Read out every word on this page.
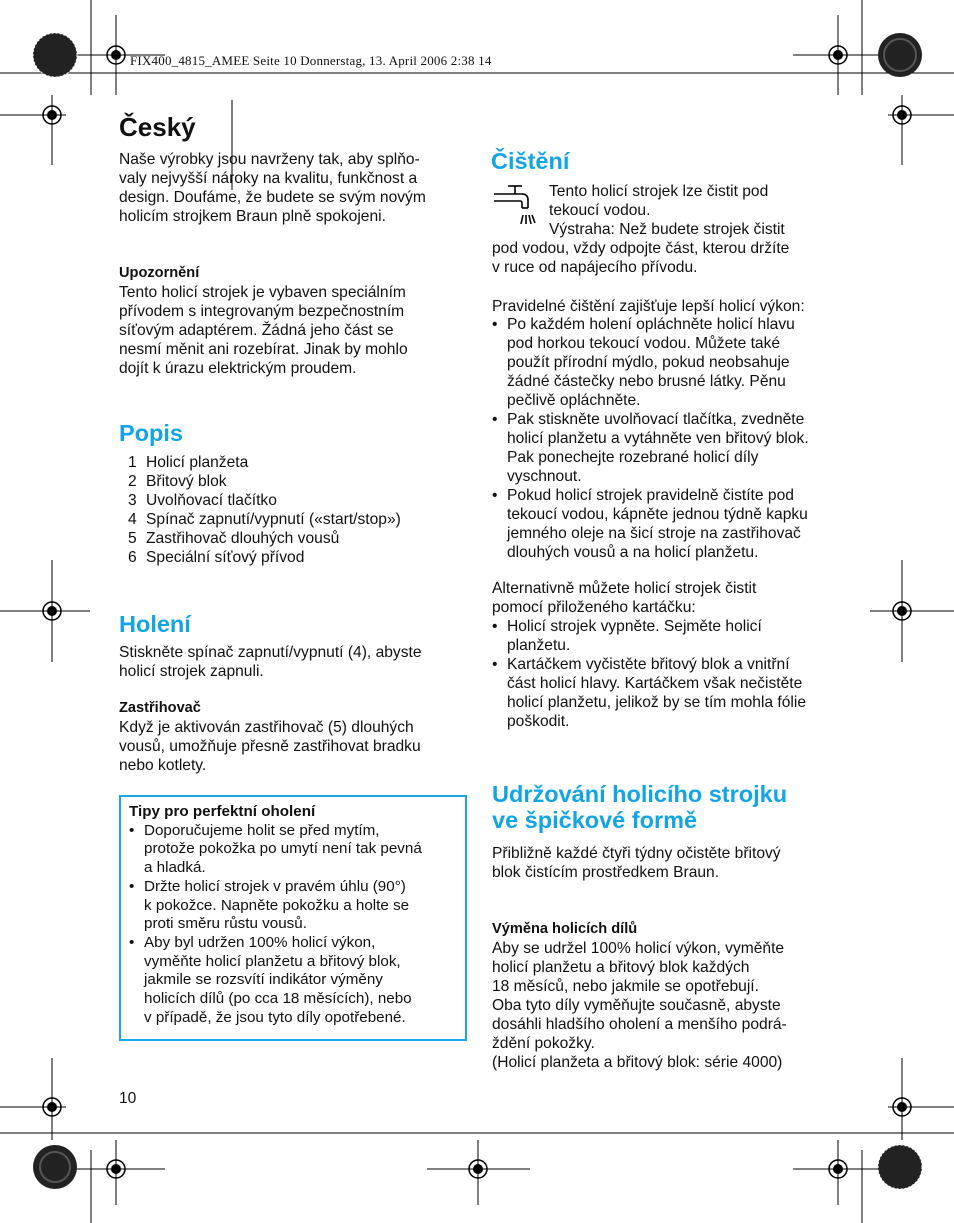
FIX400_4815_AMEE Seite 10 Donnerstag, 13. April 2006 2:38 14
Český

Naše výrobky jsou navrženy tak, aby splňo-
valy nejvyšší nároky na kvalitu, funkčnost a
design. Doufáme, že budete se svým novým
holicím strojkem Braun plně spokojeni.

Upozornění

Tento holicí strojek je vybaven speciálním
přívodem s integrovaným bezpečnostním
síťovým adaptérem. Žádná jeho část se
nesmí měnit ani rozebírat. Jinak by mohlo
dojít k úrazu elektrickým proudem.

Popis
1 Holicí planžeta
2 Břitový blok
3 Uvolňovací tlačítko
4 Spínač zapnutí/vypnutí («start/stop»)
5 Zastřihovač dlouhých vousů
6 Speciální síťový přívod
Holení

Stiskněte spínač zapnutí/vypnutí (4), abyste
holicí strojek zapnuli.

Zastřihovač

Když je aktivován zastřihovač (5) dlouhých
vousů, umožňuje přesně zastřihovat bradku
nebo kotlety.

Tipy pro perfektní oholení
• Doporučujeme holit se před mytím,
protože pokožka po umytí není tak pevná
a hladká.
• Držte holicí strojek v pravém úhlu (90°)
k pokožce. Napněte pokožku a holte se
proti směru růstu vousů.
• Aby byl udržen 100% holicí výkon,
vyměňte holicí planžetu a břitový blok,
jakmile se rozsvítí indikátor výměny
holicích dílů (po cca 18 měsících), nebo
v případě, že jsou tyto díly opotřebené.
10
Čištění

Tento holicí strojek lze čistit pod
tekoucí vodou.

Výstraha: Než budete strojek čistit

pod vodou, vždy odpojte část, kterou držíte
v ruce od napájecího přívodu.

Pravidelné čištění zajišťuje lepší holicí výkon:

• Po každém holení opláchněte holicí hlavu
pod horkou tekoucí vodou. Můžete také
použít přírodní mýdlo, pokud neobsahuje
žádné částečky nebo brusné látky. Pěnu
pečlivě opláchněte.
• Pak stiskněte uvolňovací tlačítka, zvedněte
holicí planžetu a vytáhněte ven břitový blok.
Pak ponechejte rozebrané holicí díly
vyschnout.
• Pokud holicí strojek pravidelně čistíte pod
tekoucí vodou, kápněte jednou týdně kapku
jemného oleje na šicí stroje na zastřihovač
dlouhých vousů a na holicí planžetu.

Alternativně můžete holicí strojek čistit
pomocí přiloženého kartáčku:

• Holicí strojek vypněte. Sejměte holicí
planžetu.
• Kartáčkem vyčistěte břitový blok a vnitřní
část holicí hlavy. Kartáčkem však nečistěte
holicí planžetu, jelikož by se tím mohla fólie
poškodit.
Udržování holicího strojku
ve špičkové formě

Přibližně každé čtyři týdny očistěte břitový
blok čistícím prostředkem Braun.

Výměna holicích dílů

Aby se udržel 100% holicí výkon, vyměňte
holicí planžetu a břitový blok každých
18 měsíců, nebo jakmile se opotřebují.
Oba tyto díly vyměňujte současně, abyste
dosáhli hladšího oholení a menšího podrá-
ždění pokožky.
(Holicí planžeta a břitový blok: série 4000)
